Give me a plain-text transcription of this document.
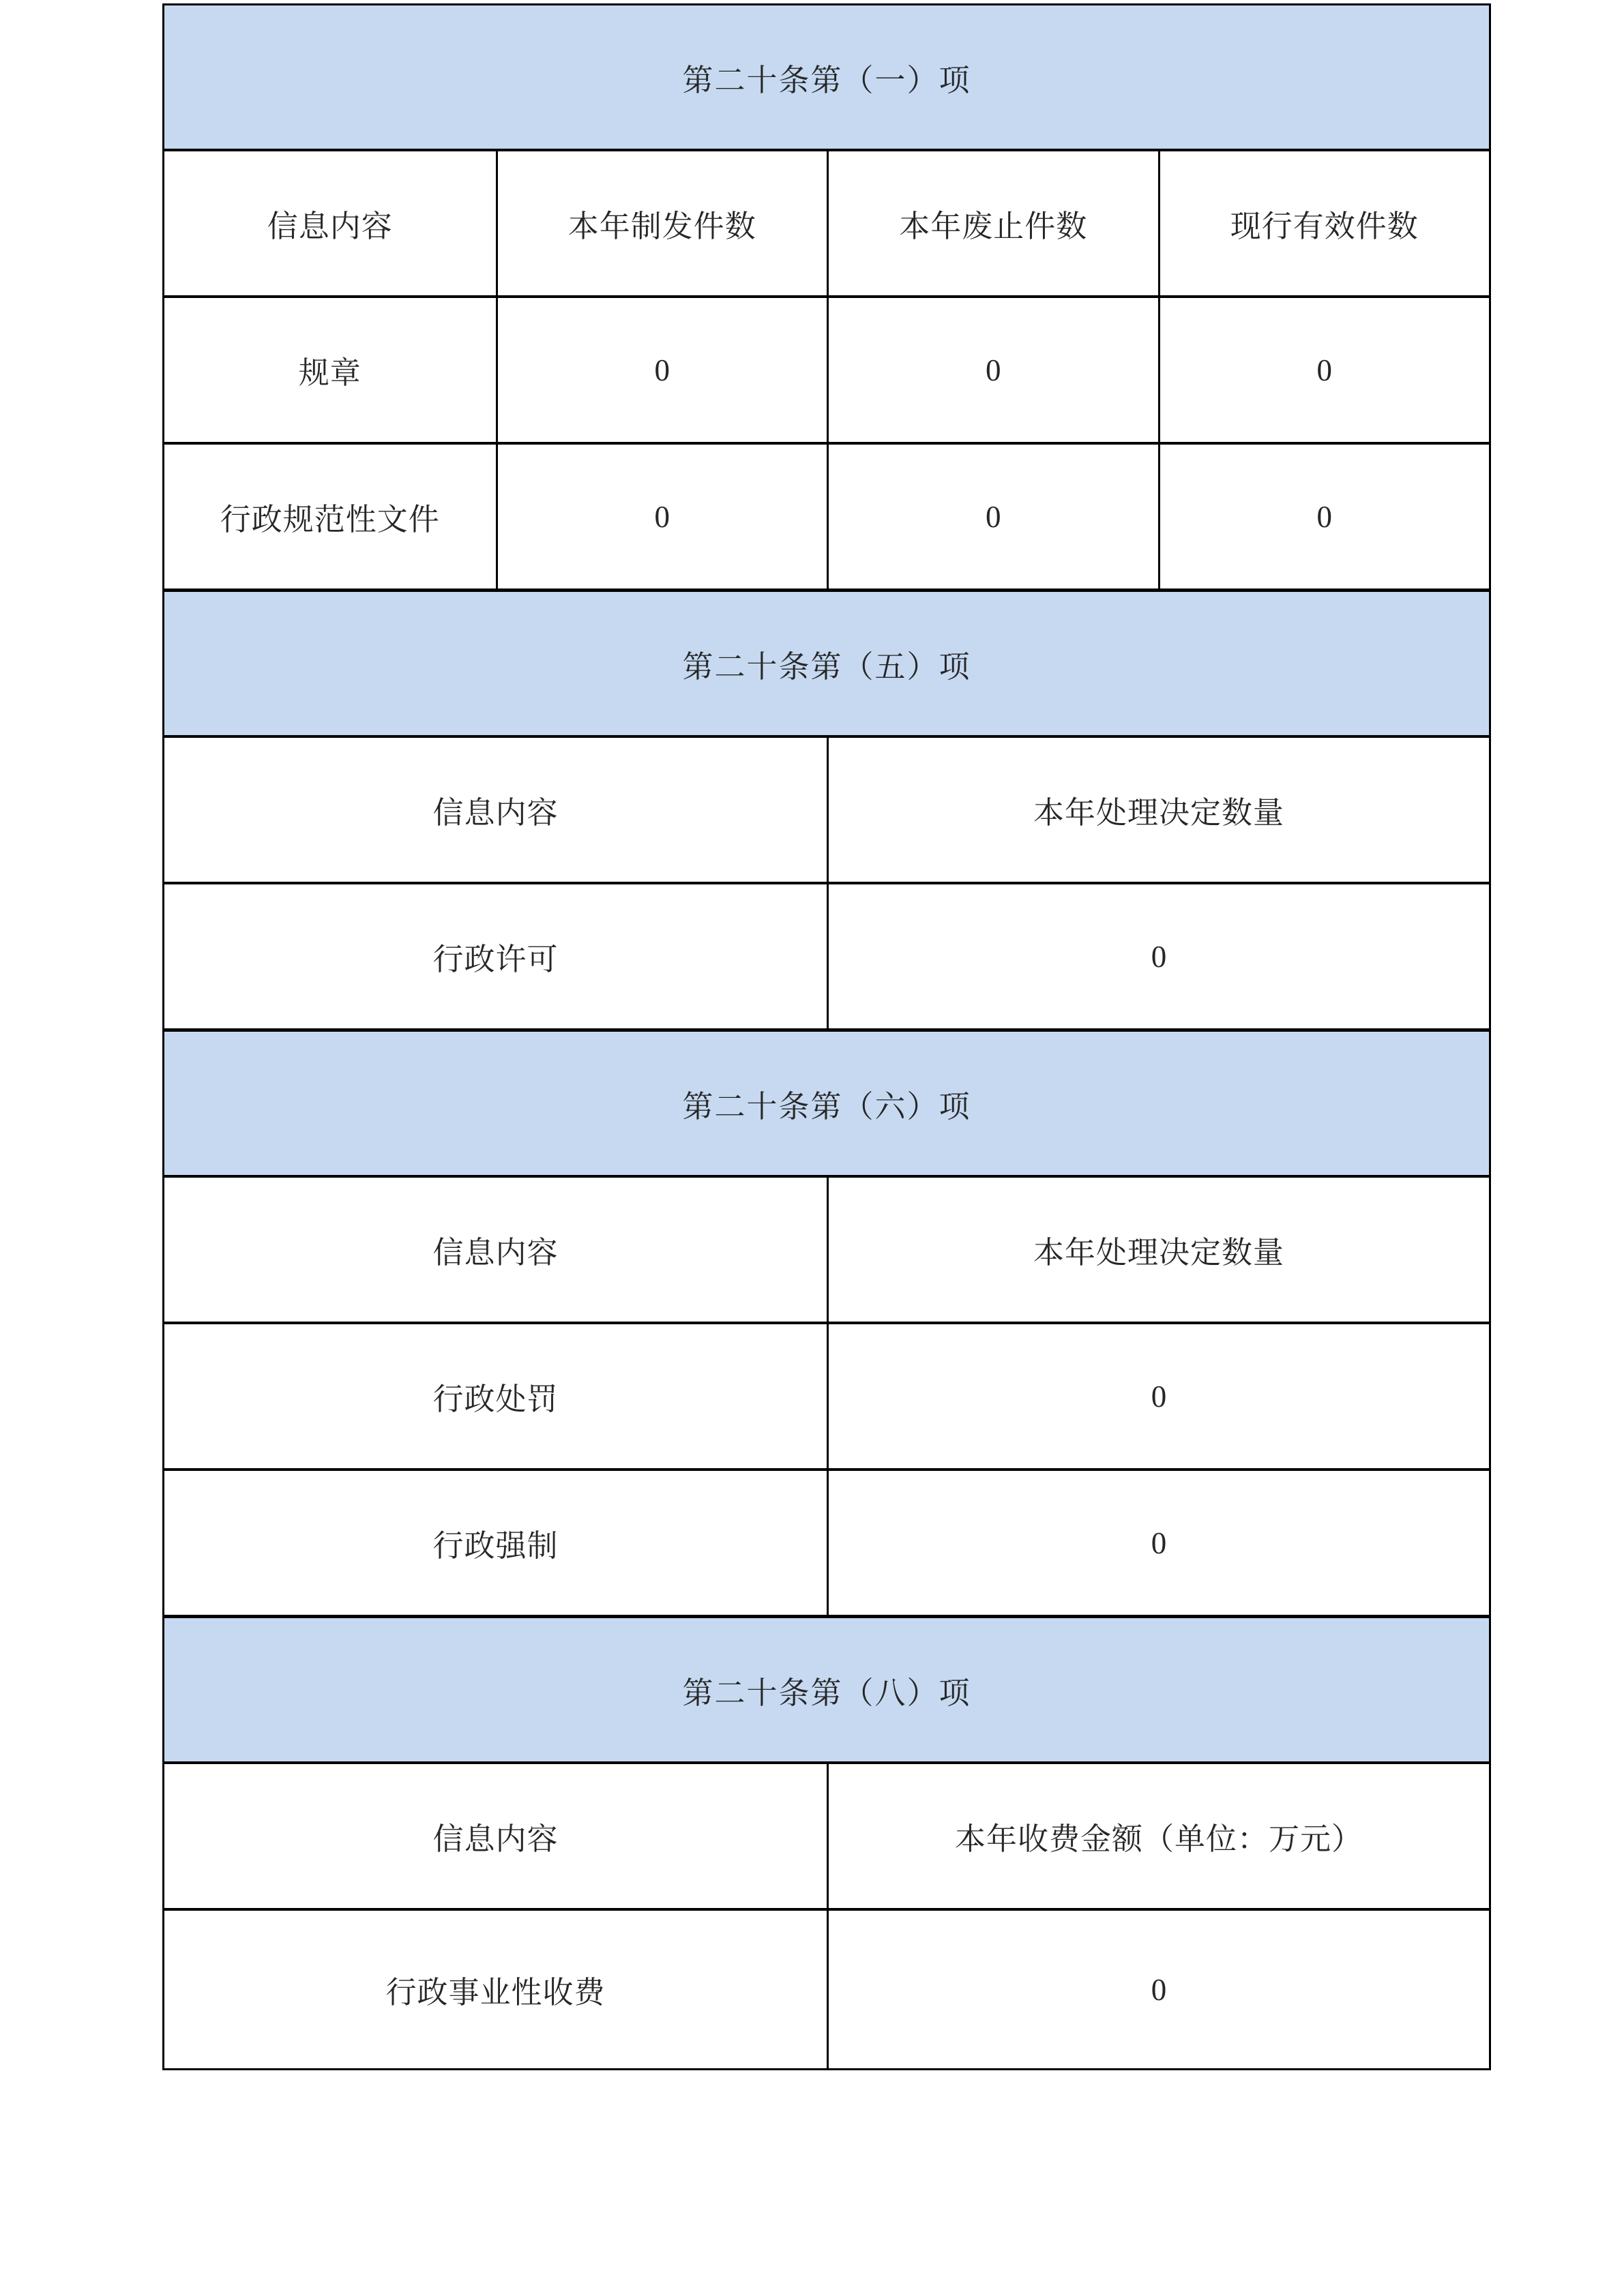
第二十条第（一）项
信息内容	本年制发件数	本年废止件数	现行有效件数
规章	0	0	0
行政规范性文件	0	0	0
第二十条第（五）项
信息内容	本年处理决定数量
行政许可	0
第二十条第（六）项
信息内容	本年处理决定数量
行政处罚	0
行政强制	0
第二十条第（八）项
信息内容	本年收费金额（单位：万元）
行政事业性收费	0
